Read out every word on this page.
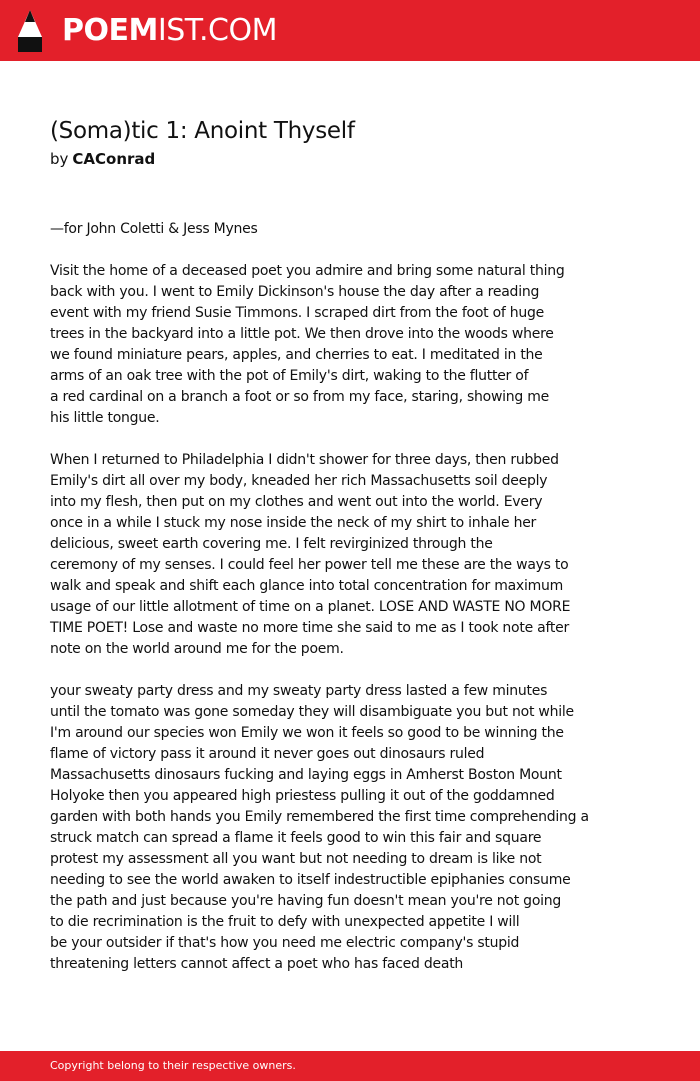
POEMIST.COM
(Soma)tic 1: Anoint Thyself
by CAConrad
—for John Coletti & Jess Mynes
Visit the home of a deceased poet you admire and bring some natural thing
back with you. I went to Emily Dickinson's house the day after a reading
event with my friend Susie Timmons. I scraped dirt from the foot of huge
trees in the backyard into a little pot. We then drove into the woods where
we found miniature pears, apples, and cherries to eat. I meditated in the
arms of an oak tree with the pot of Emily's dirt, waking to the flutter of
a red cardinal on a branch a foot or so from my face, staring, showing me
his little tongue.
When I returned to Philadelphia I didn't shower for three days, then rubbed
Emily's dirt all over my body, kneaded her rich Massachusetts soil deeply
into my flesh, then put on my clothes and went out into the world. Every
once in a while I stuck my nose inside the neck of my shirt to inhale her
delicious, sweet earth covering me. I felt revirginized through the
ceremony of my senses. I could feel her power tell me these are the ways to
walk and speak and shift each glance into total concentration for maximum
usage of our little allotment of time on a planet. LOSE AND WASTE NO MORE
TIME POET! Lose and waste no more time she said to me as I took note after
note on the world around me for the poem.
your sweaty party dress and my sweaty party dress lasted a few minutes
until the tomato was gone someday they will disambiguate you but not while
I'm around our species won Emily we won it feels so good to be winning the
flame of victory pass it around it never goes out dinosaurs ruled
Massachusetts dinosaurs fucking and laying eggs in Amherst Boston Mount
Holyoke then you appeared high priestess pulling it out of the goddamned
garden with both hands you Emily remembered the first time comprehending a
struck match can spread a flame it feels good to win this fair and square
protest my assessment all you want but not needing to dream is like not
needing to see the world awaken to itself indestructible epiphanies consume
the path and just because you're having fun doesn't mean you're not going
to die recrimination is the fruit to defy with unexpected appetite I will
be your outsider if that's how you need me electric company's stupid
threatening letters cannot affect a poet who has faced death
Copyright belong to their respective owners.
